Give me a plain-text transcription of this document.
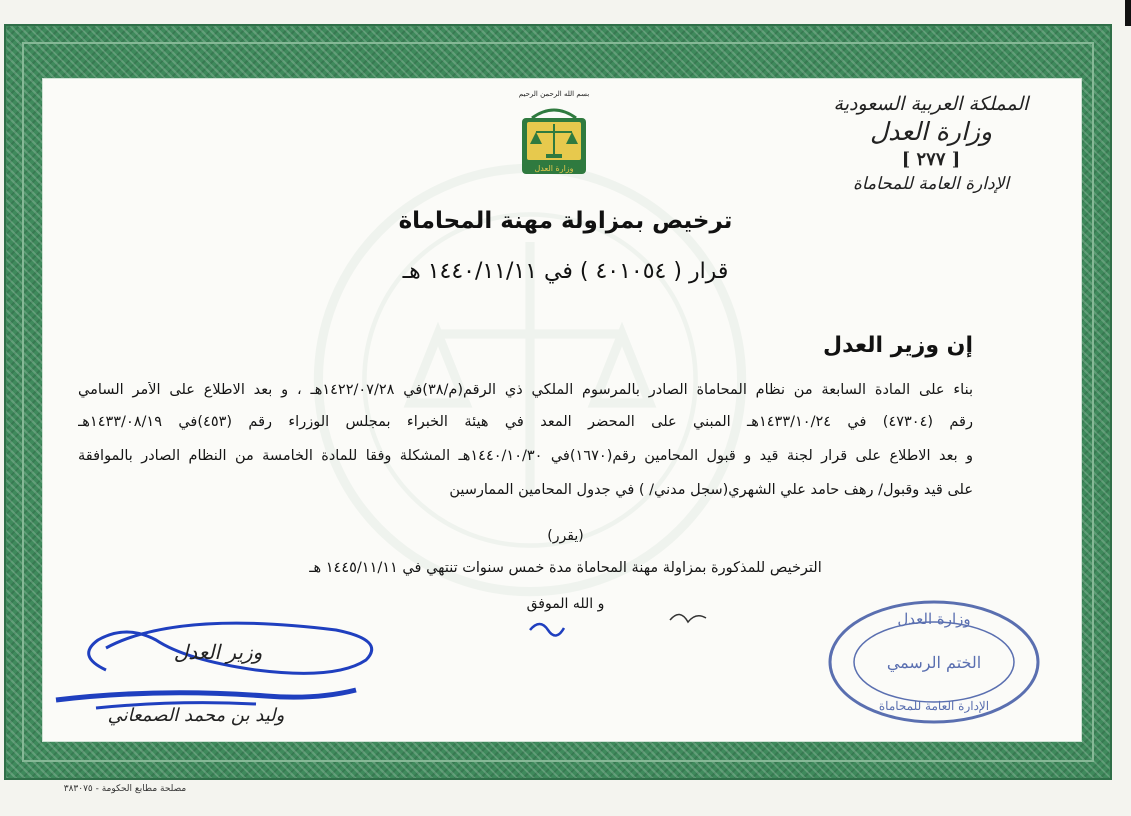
بسم الله الرحمن الرحيم
وزارة العدل
المملكة العربية السعودية
وزارة العدل
[ ٢٧٧ ]
الإدارة العامة للمحاماة
ترخيص بمزاولة مهنة المحاماة
قرار ( ٤٠١٠٥٤ ) في ١٤٤٠/١١/١١ هـ
إن وزير العدل
بناء على المادة السابعة من نظام المحاماة الصادر بالمرسوم الملكي ذي الرقم(م/٣٨)في ١٤٢٢/٠٧/٢٨هـ ، و بعد الاطلاع على الأمر السامي
رقم (٤٧٣٠٤) في ١٤٣٣/١٠/٢٤هـ المبني على المحضر المعد في هيئة الخبراء بمجلس الوزراء رقم (٤٥٣)في ١٤٣٣/٠٨/١٩هـ
و بعد الاطلاع على قرار لجنة قيد و قبول المحامين رقم(١٦٧٠)في ١٤٤٠/١٠/٣٠هـ المشكلة وفقا للمادة الخامسة من النظام الصادر بالموافقة
على قيد وقبول/ رهف حامد علي الشهري(سجل مدني/ ) في جدول المحامين الممارسين
(يقرر)
الترخيص للمذكورة بمزاولة مهنة المحاماة مدة خمس سنوات تنتهي في ١٤٤٥/١١/١١ هـ
و الله الموفق
وزير العدل
وليد بن محمد الصمعاني
وزارة العدل
الختم الرسمي
الإدارة العامة للمحاماة
مصلحة مطابع الحكومة - ٣٨٣٠٧٥
